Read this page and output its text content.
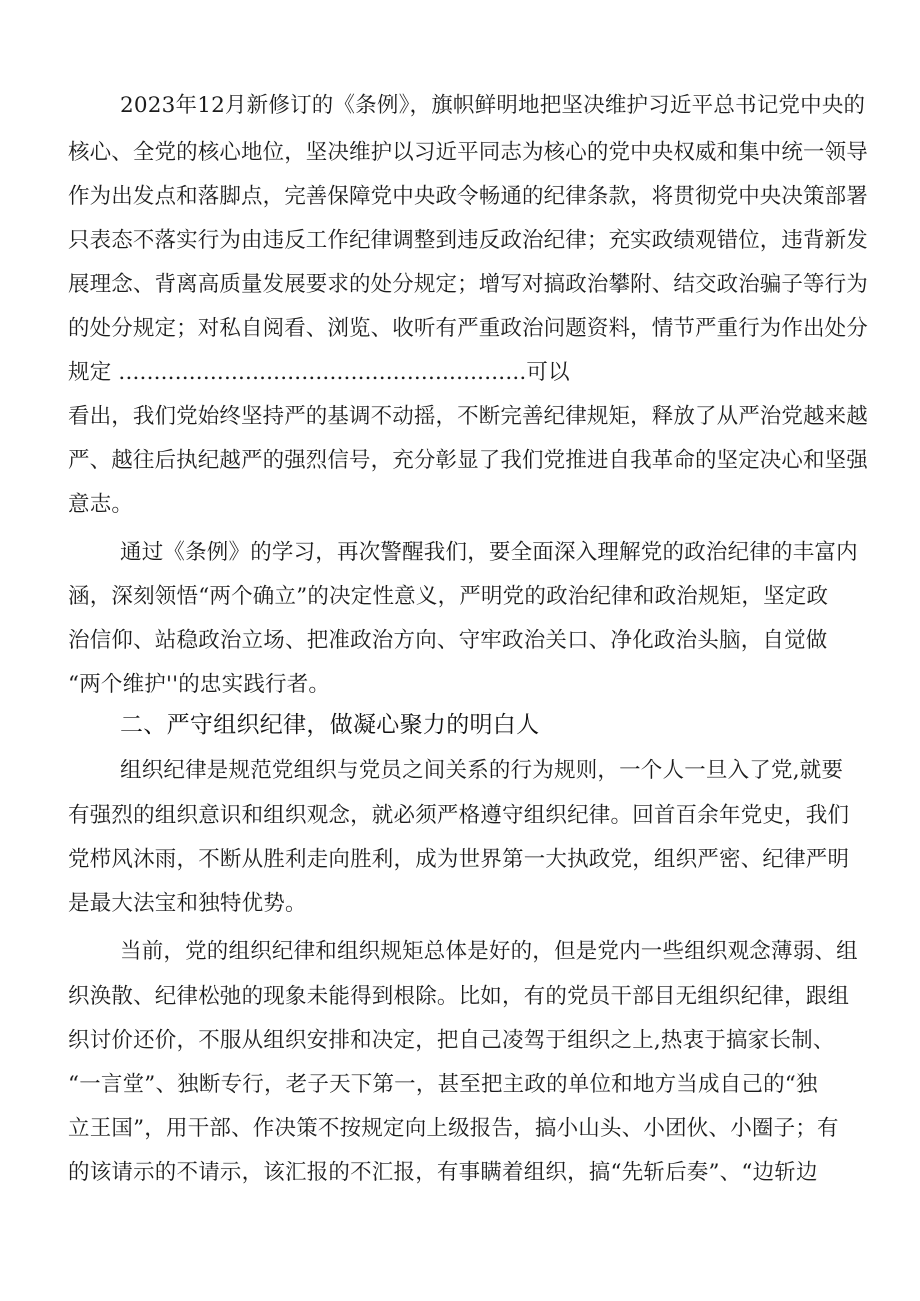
2023年12月新修订的《条例》，旗帜鲜明地把坚决维护习近平总书记党中央的
核心、全党的核心地位，坚决维护以习近平同志为核心的党中央权威和集中统一领导
作为出发点和落脚点，完善保障党中央政令畅通的纪律条款，将贯彻党中央决策部署
只表态不落实行为由违反工作纪律调整到违反政治纪律；充实政绩观错位，违背新发
展理念、背离高质量发展要求的处分规定；增写对搞政治攀附、结交政治骗子等行为
的处分规定；对私自阅看、浏览、收听有严重政治问题资料，情节严重行为作出处分
规定 ..........................................................可以
看出，我们党始终坚持严的基调不动摇，不断完善纪律规矩，释放了从严治党越来越
严、越往后执纪越严的强烈信号，充分彰显了我们党推进自我革命的坚定决心和坚强
意志。
通过《条例》的学习，再次警醒我们，要全面深入理解党的政治纪律的丰富内
涵，深刻领悟“两个确立”的决定性意义，严明党的政治纪律和政治规矩，坚定政
治信仰、站稳政治立场、把准政治方向、守牢政治关口、净化政治头脑，自觉做
“两个维护''的忠实践行者。
二、严守组织纪律，做凝心聚力的明白人
组织纪律是规范党组织与党员之间关系的行为规则，一个人一旦入了党,就要
有强烈的组织意识和组织观念，就必须严格遵守组织纪律。回首百余年党史，我们
党栉风沐雨，不断从胜利走向胜利，成为世界第一大执政党，组织严密、纪律严明
是最大法宝和独特优势。
当前，党的组织纪律和组织规矩总体是好的，但是党内一些组织观念薄弱、组
织涣散、纪律松弛的现象未能得到根除。比如，有的党员干部目无组织纪律，跟组
织讨价还价，不服从组织安排和决定，把自己凌驾于组织之上,热衷于搞家长制、
“一言堂”、独断专行，老子天下第一，甚至把主政的单位和地方当成自己的“独
立王国”，用干部、作决策不按规定向上级报告，搞小山头、小团伙、小圈子；有
的该请示的不请示，该汇报的不汇报，有事瞒着组织，搞“先斩后奏”、“边斩边
